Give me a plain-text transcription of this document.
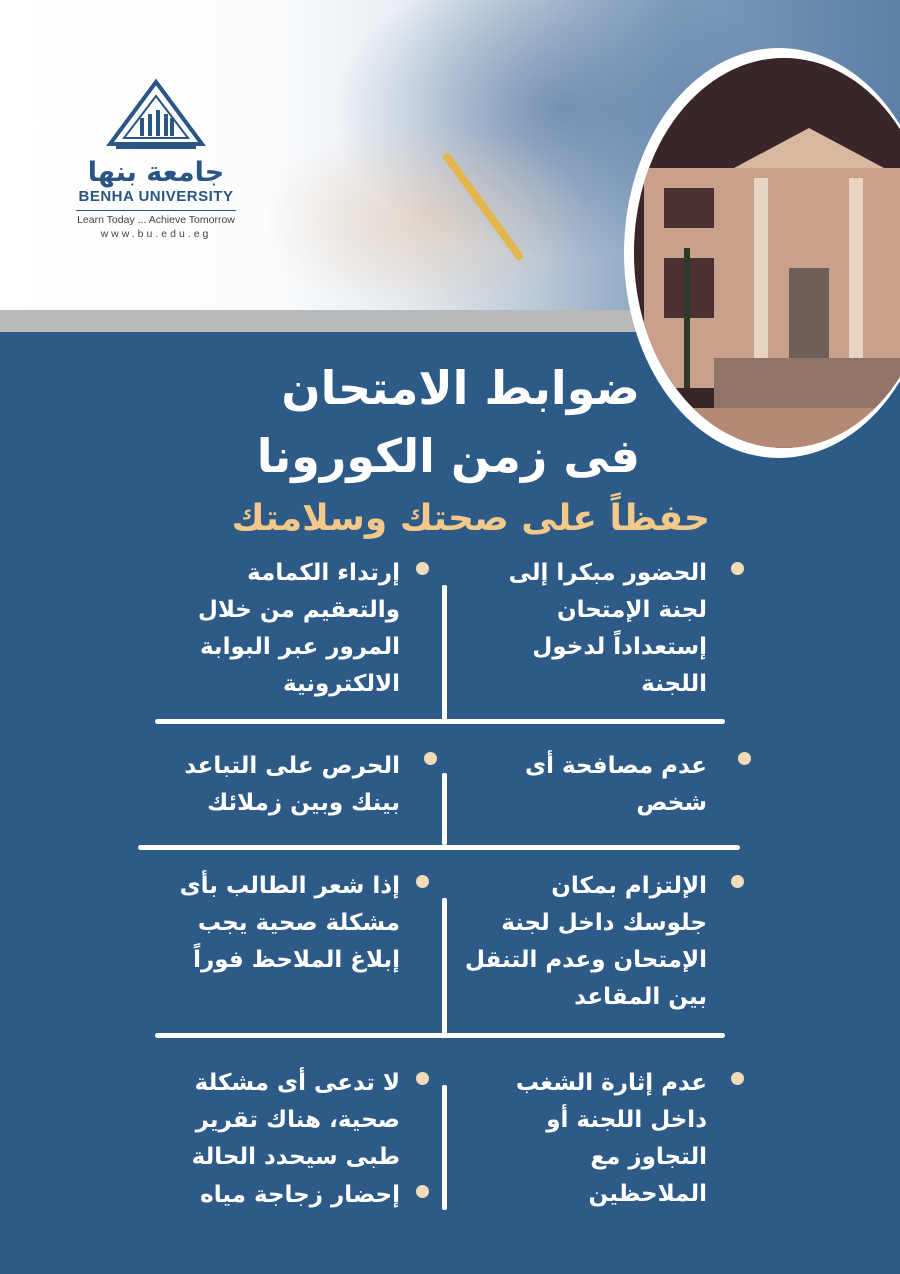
جامعة بنها
BENHA UNIVERSITY
Learn Today ... Achieve Tomorrow
www.bu.edu.eg
ضوابط الامتحان
فى زمن الكورونا
حفظاً على صحتك وسلامتك
الحضور مبكرا إلى لجنة الإمتحان إستعداداً لدخول اللجنة
إرتداء الكمامة والتعقيم من خلال المرور عبر البوابة الالكترونية
عدم مصافحة أى شخص
الحرص على التباعد بينك وبين زملائك
الإلتزام بمكان جلوسك داخل لجنة الإمتحان وعدم التنقل بين المقاعد
إذا شعر الطالب بأى مشكلة صحية يجب إبلاغ الملاحظ فوراً
عدم إثارة الشغب داخل اللجنة أو التجاوز مع الملاحظين
لا تدعى أى مشكلة صحية، هناك تقرير طبى سيحدد الحالة
إحضار زجاجة مياه
